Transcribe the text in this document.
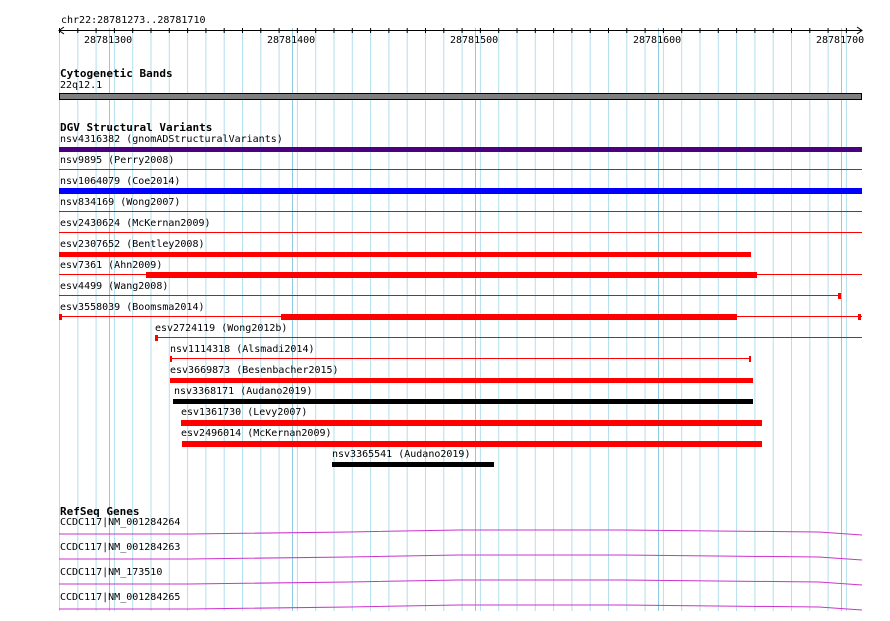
chr22:28781273..28781710
28781300	28781400	28781500	28781600	28781700
Cytogenetic Bands
22q12.1
DGV Structural Variants
nsv4316382 (gnomADStructuralVariants)
nsv9895 (Perry2008)
nsv1064079 (Coe2014)
nsv834169 (Wong2007)
esv2430624 (McKernan2009)
esv2307652 (Bentley2008)
esv7361 (Ahn2009)
esv4499 (Wang2008)
esv3558039 (Boomsma2014)
esv2724119 (Wong2012b)
nsv1114318 (Alsmadi2014)
esv3669873 (Besenbacher2015)
nsv3368171 (Audano2019)
esv1361730 (Levy2007)
esv2496014 (McKernan2009)
nsv3365541 (Audano2019)
RefSeq Genes
CCDC117|NM_001284264
CCDC117|NM_001284263
CCDC117|NM_173510
CCDC117|NM_001284265
